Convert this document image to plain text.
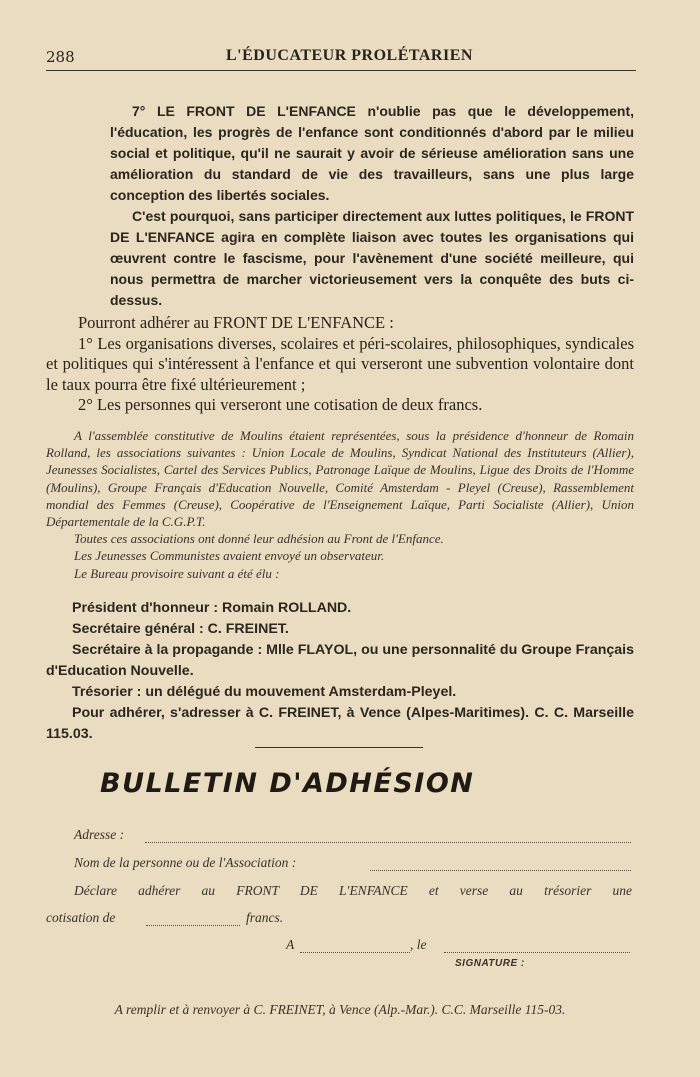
288	L'ÉDUCATEUR PROLÉTARIEN

7° LE FRONT DE L'ENFANCE n'oublie pas que le développement, l'éducation, les progrès de l'enfance sont conditionnés d'abord par le milieu social et politique, qu'il ne saurait y avoir de sérieuse amélioration sans une amélioration du standard de vie des travailleurs, sans une plus large conception des libertés sociales.

C'est pourquoi, sans participer directement aux luttes politiques, le FRONT DE L'ENFANCE agira en complète liaison avec toutes les organisations qui œuvrent contre le fascisme, pour l'avènement d'une société meilleure, qui nous permettra de marcher victorieusement vers la conquête des buts ci-dessus.

Pourront adhérer au FRONT DE L'ENFANCE :

1° Les organisations diverses, scolaires et péri-scolaires, philosophiques, syndicales et politiques qui s'intéressent à l'enfance et qui verseront une subvention volontaire dont le taux pourra être fixé ultérieurement ;

2° Les personnes qui verseront une cotisation de deux francs.

A l'assemblée constitutive de Moulins étaient représentées, sous la présidence d'honneur de Romain Rolland, les associations suivantes : Union Locale de Moulins, Syndicat National des Instituteurs (Allier), Jeunesses Socialistes, Cartel des Services Publics, Patronage Laïque de Moulins, Ligue des Droits de l'Homme (Moulins), Groupe Français d'Education Nouvelle, Comité Amsterdam - Pleyel (Creuse), Rassemblement mondial des Femmes (Creuse), Coopérative de l'Enseignement Laïque, Parti Socialiste (Allier), Union Départementale de la C.G.P.T.

Toutes ces associations ont donné leur adhésion au Front de l'Enfance.

Les Jeunesses Communistes avaient envoyé un observateur.

Le Bureau provisoire suivant a été élu :

Président d'honneur : Romain ROLLAND.

Secrétaire général : C. FREINET.

Secrétaire à la propagande : Mlle FLAYOL, ou une personnalité du Groupe Français d'Education Nouvelle.

Trésorier : un délégué du mouvement Amsterdam-Pleyel.

Pour adhérer, s'adresser à C. FREINET, à Vence (Alpes-Maritimes). C. C. Marseille 115.03.

BULLETIN D'ADHÉSION
Adresse :
Nom de la personne ou de l'Association :
Déclare adhérer au FRONT DE L'ENFANCE et verse au trésorier une
cotisation de	francs.
A	, le
SIGNATURE :
A remplir et à renvoyer à C. FREINET, à Vence (Alp.-Mar.). C.C. Marseille 115-03.
